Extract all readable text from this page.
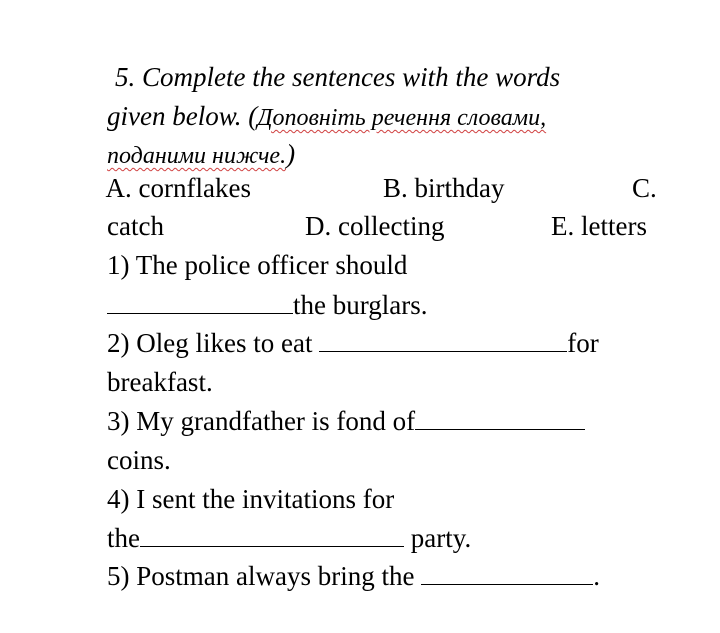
5. Complete the sentences with the words

given below. (Доповніть речення словами,

поданими нижче.)

A. cornflakes
	B. birthday
	C.

catch
	D. collecting
	E. letters

1) The police officer should

the burglars.

2) Oleg likes to eat	for

breakfast.

3) My grandfather is fond of

coins.

4) I sent the invitations for

the	party.

5) Postman always bring the	.
